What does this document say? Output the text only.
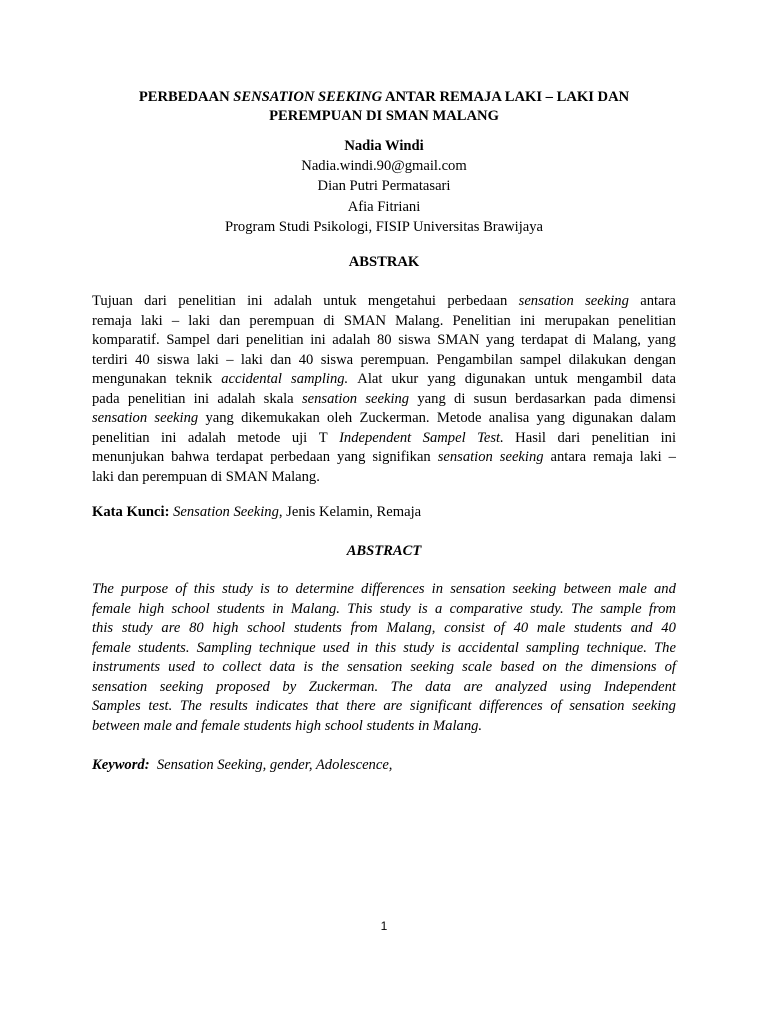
PERBEDAAN SENSATION SEEKING ANTAR REMAJA LAKI – LAKI DAN
PEREMPUAN DI SMAN MALANG
Nadia Windi
Nadia.windi.90@gmail.com
Dian Putri Permatasari
Afia Fitriani
Program Studi Psikologi, FISIP Universitas Brawijaya
ABSTRAK
Tujuan dari penelitian ini adalah untuk mengetahui perbedaan sensation seeking antara
remaja laki – laki dan perempuan di SMAN Malang. Penelitian ini merupakan penelitian
komparatif. Sampel dari penelitian ini adalah 80 siswa SMAN yang terdapat di Malang, yang
terdiri 40 siswa laki – laki dan 40 siswa perempuan. Pengambilan sampel dilakukan dengan
mengunakan teknik accidental sampling. Alat ukur yang digunakan untuk mengambil data
pada penelitian ini adalah skala sensation seeking yang di susun berdasarkan pada dimensi
sensation seeking yang dikemukakan oleh Zuckerman. Metode analisa yang digunakan dalam
penelitian ini adalah metode uji T Independent Sampel Test. Hasil dari penelitian ini
menunjukan bahwa terdapat perbedaan yang signifikan sensation seeking antara remaja laki –
laki dan perempuan di SMAN Malang.
Kata Kunci: Sensation Seeking, Jenis Kelamin, Remaja
ABSTRACT
The purpose of this study is to determine differences in sensation seeking between male and
female high school students in Malang. This study is a comparative study. The sample from
this study are 80 high school students from Malang, consist of 40 male students and 40
female students. Sampling technique used in this study is accidental sampling technique. The
instruments used to collect data is the sensation seeking scale based on the dimensions of
sensation seeking proposed by Zuckerman. The data are analyzed using Independent
Samples test. The results indicates that there are significant differences of sensation seeking
between male and female students high school students in Malang.
Keyword:  Sensation Seeking, gender, Adolescence,
1
